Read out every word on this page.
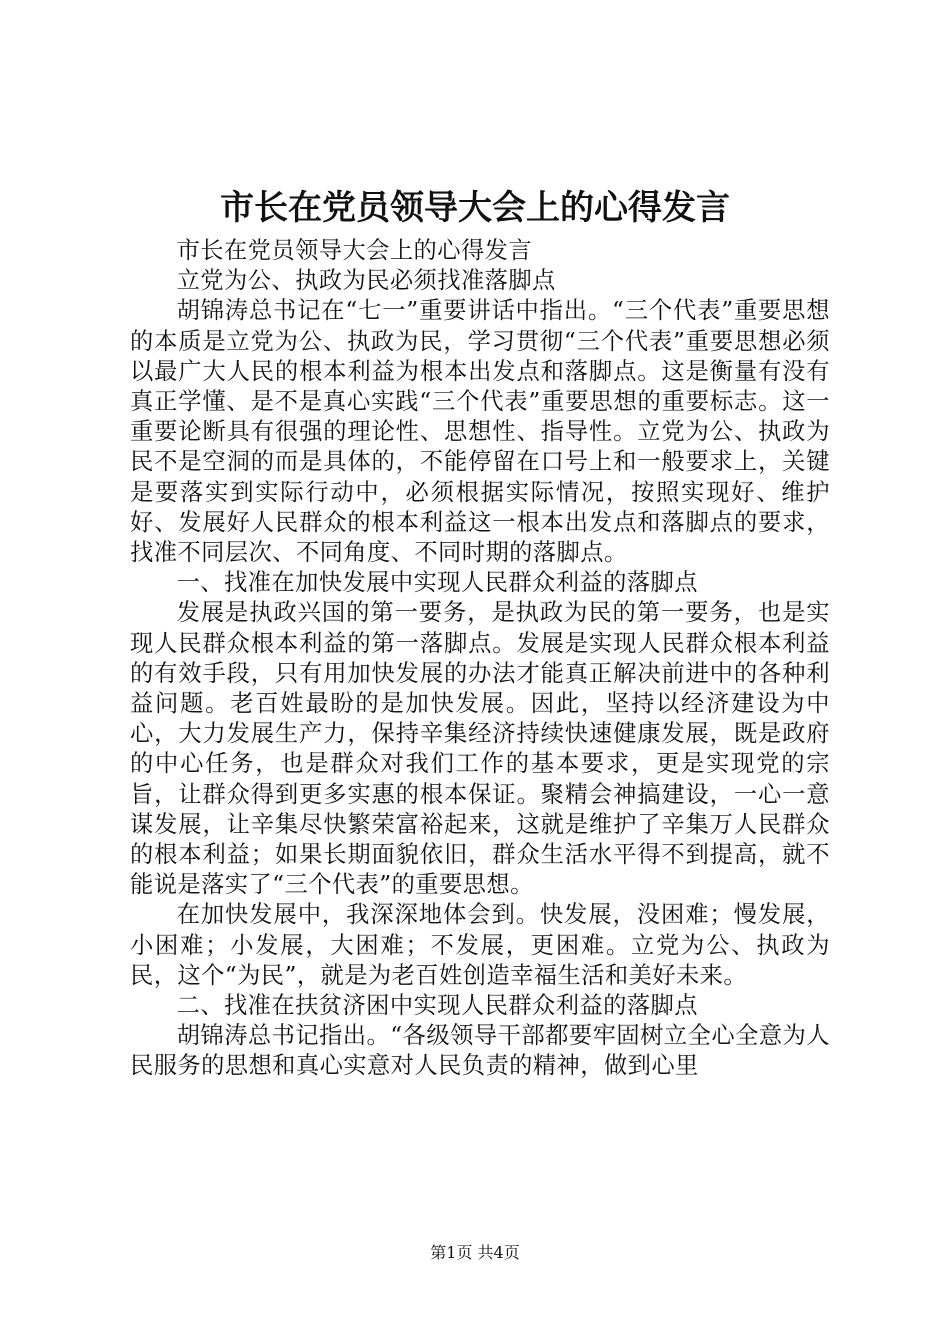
市长在党员领导大会上的心得发言

市长在党员领导大会上的心得发言

立党为公、执政为民必须找准落脚点

胡锦涛总书记在“七一”重要讲话中指出。“三个代表”重要思想的本质是立党为公、执政为民，学习贯彻“三个代表”重要思想必须以最广大人民的根本利益为根本出发点和落脚点。这是衡量有没有真正学懂、是不是真心实践“三个代表”重要思想的重要标志。这一重要论断具有很强的理论性、思想性、指导性。立党为公、执政为民不是空洞的而是具体的，不能停留在口号上和一般要求上，关键是要落实到实际行动中，必须根据实际情况，按照实现好、维护好、发展好人民群众的根本利益这一根本出发点和落脚点的要求，找准不同层次、不同角度、不同时期的落脚点。

一、找准在加快发展中实现人民群众利益的落脚点

发展是执政兴国的第一要务，是执政为民的第一要务，也是实现人民群众根本利益的第一落脚点。发展是实现人民群众根本利益的有效手段，只有用加快发展的办法才能真正解决前进中的各种利益问题。老百姓最盼的是加快发展。因此，坚持以经济建设为中心，大力发展生产力，保持辛集经济持续快速健康发展，既是政府的中心任务，也是群众对我们工作的基本要求，更是实现党的宗旨，让群众得到更多实惠的根本保证。聚精会神搞建设，一心一意谋发展，让辛集尽快繁荣富裕起来，这就是维护了辛集万人民群众的根本利益；如果长期面貌依旧，群众生活水平得不到提高，就不能说是落实了“三个代表”的重要思想。

在加快发展中，我深深地体会到。快发展，没困难；慢发展，小困难；小发展，大困难；不发展，更困难。立党为公、执政为民，这个“为民”，就是为老百姓创造幸福生活和美好未来。

二、找准在扶贫济困中实现人民群众利益的落脚点

胡锦涛总书记指出。“各级领导干部都要牢固树立全心全意为人民服务的思想和真心实意对人民负责的精神，做到心里

第1页 共4页
